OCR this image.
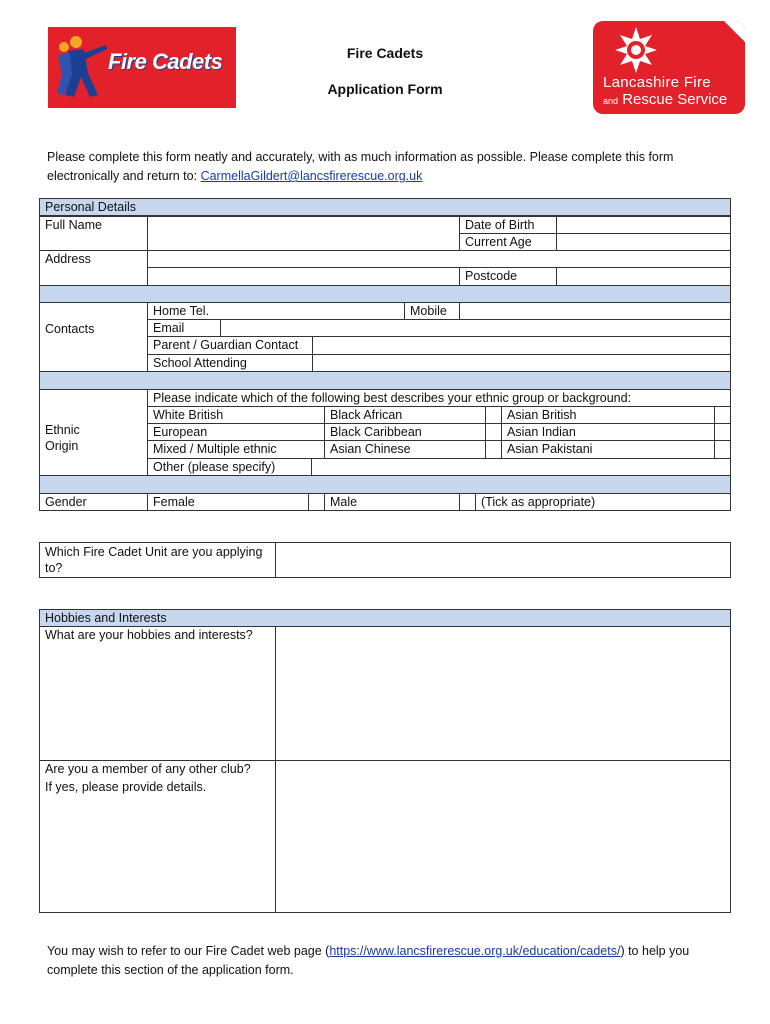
Fire Cadets	Fire Cadets
Application Form	Lancashire Fire
and Rescue Service
Please complete this form neatly and accurately, with as much information as possible. Please complete this form electronically and return to: CarmellaGildert@lancsfirerescue.org.uk
Personal Details
Full Name	Date of Birth
Current Age
Address
Postcode
Contacts
Home Tel.	Mobile
Email
Parent / Guardian Contact
School Attending
Ethnic
Origin
Please indicate which of the following best describes your ethnic group or background:
White British	Black African	Asian British
European	Black Caribbean	Asian Indian
Mixed / Multiple ethnic	Asian Chinese	Asian Pakistani
Other (please specify)
Gender	Female	Male	(Tick as appropriate)
Which Fire Cadet Unit are you applying to?
Hobbies and Interests
What are your hobbies and interests?
Are you a member of any other club?
If yes, please provide details.
You may wish to refer to our Fire Cadet web page (https://www.lancsfirerescue.org.uk/education/cadets/) to help you complete this section of the application form.
